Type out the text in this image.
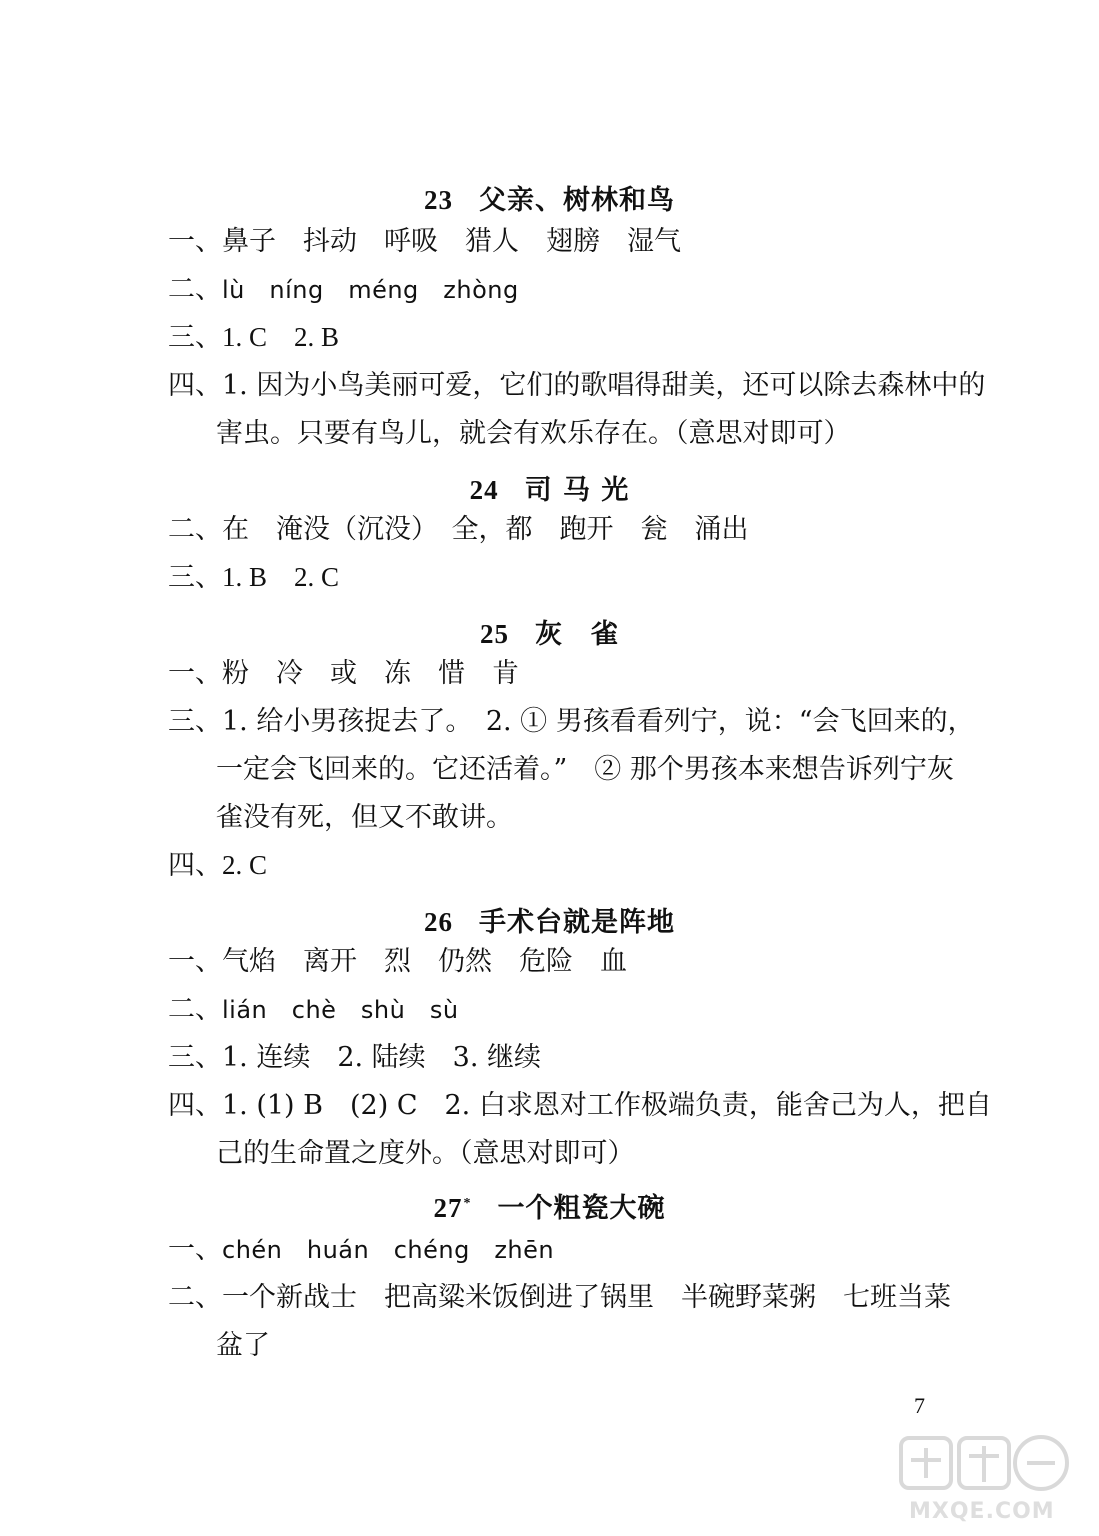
23 父亲、树林和鸟
一、鼻子　抖动　呼吸　猎人　翅膀　湿气
二、lù　níng　méng　zhòng
三、1. C　2. B
四、1. 因为小鸟美丽可爱，它们的歌唱得甜美，还可以除去森林中的
害虫。只要有鸟儿，就会有欢乐存在。（意思对即可）
24 司 马 光
二、在　淹没（沉没）　全，都　跑开　瓮　涌出
三、1. B　2. C
25 灰　雀
一、粉　冷　或　冻　惜　肯
三、1. 给小男孩捉去了。　2. ① 男孩看看列宁，说：“会飞回来的，
一定会飞回来的。它还活着。”　② 那个男孩本来想告诉列宁灰
雀没有死，但又不敢讲。
四、2. C
26 手术台就是阵地
一、气焰　离开　烈　仍然　危险　血
二、lián　chè　shù　sù
三、1. 连续　2. 陆续　3. 继续
四、1. (1) B　(2) C　2. 白求恩对工作极端负责，能舍己为人，把自
己的生命置之度外。（意思对即可）
27* 一个粗瓷大碗
一、chén　huán　chéng　zhēn
二、一个新战士　把高粱米饭倒进了锅里　半碗野菜粥　七班当菜
盆了
7
MXQE.COM
